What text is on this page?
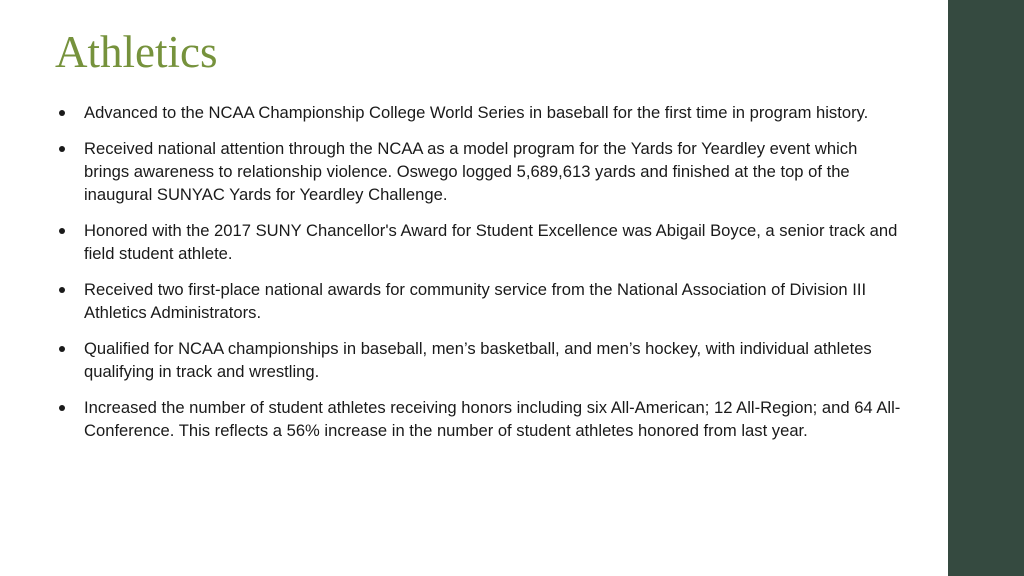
Athletics
Advanced to the NCAA Championship College World Series in baseball for the first time in program history.
Received national attention through the NCAA as a model program for the Yards for Yeardley event which brings awareness to relationship violence. Oswego logged 5,689,613 yards and finished at the top of the inaugural SUNYAC Yards for Yeardley Challenge.
Honored with the 2017 SUNY Chancellor's Award for Student Excellence was Abigail Boyce, a senior track and field student athlete.
Received two first-place national awards for community service from the National Association of Division III Athletics Administrators.
Qualified for NCAA championships in baseball, men’s basketball, and men’s hockey, with individual athletes qualifying in track and wrestling.
Increased the number of student athletes receiving honors including six All-American; 12 All-Region; and 64 All-Conference. This reflects a 56% increase in the number of student athletes honored from last year.
